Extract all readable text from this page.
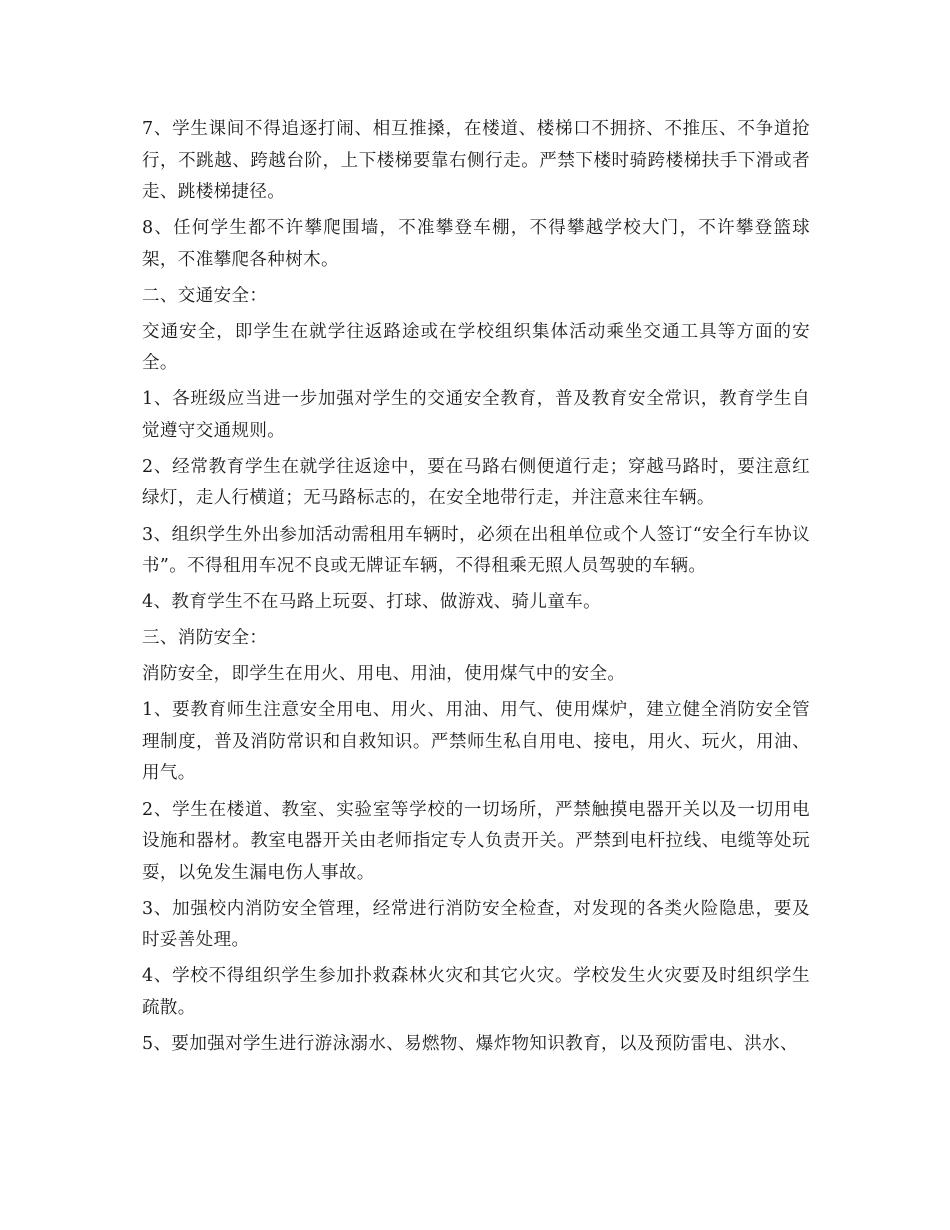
7、学生课间不得追逐打闹、相互推搡，在楼道、楼梯口不拥挤、不推压、不争道抢行，不跳越、跨越台阶，上下楼梯要靠右侧行走。严禁下楼时骑跨楼梯扶手下滑或者走、跳楼梯捷径。

8、任何学生都不许攀爬围墙，不准攀登车棚，不得攀越学校大门，不许攀登篮球架，不准攀爬各种树木。

二、交通安全：

交通安全，即学生在就学往返路途或在学校组织集体活动乘坐交通工具等方面的安全。

1、各班级应当进一步加强对学生的交通安全教育，普及教育安全常识，教育学生自觉遵守交通规则。

2、经常教育学生在就学往返途中，要在马路右侧便道行走；穿越马路时，要注意红绿灯，走人行横道；无马路标志的，在安全地带行走，并注意来往车辆。

3、组织学生外出参加活动需租用车辆时，必须在出租单位或个人签订“安全行车协议书”。不得租用车况不良或无牌证车辆，不得租乘无照人员驾驶的车辆。

4、教育学生不在马路上玩耍、打球、做游戏、骑儿童车。

三、消防安全：

消防安全，即学生在用火、用电、用油，使用煤气中的安全。

1、要教育师生注意安全用电、用火、用油、用气、使用煤炉，建立健全消防安全管理制度，普及消防常识和自救知识。严禁师生私自用电、接电，用火、玩火，用油、用气。

2、学生在楼道、教室、实验室等学校的一切场所，严禁触摸电器开关以及一切用电设施和器材。教室电器开关由老师指定专人负责开关。严禁到电杆拉线、电缆等处玩耍，以免发生漏电伤人事故。

3、加强校内消防安全管理，经常进行消防安全检查，对发现的各类火险隐患，要及时妥善处理。

4、学校不得组织学生参加扑救森林火灾和其它火灾。学校发生火灾要及时组织学生疏散。

5、要加强对学生进行游泳溺水、易燃物、爆炸物知识教育，以及预防雷电、洪水、
